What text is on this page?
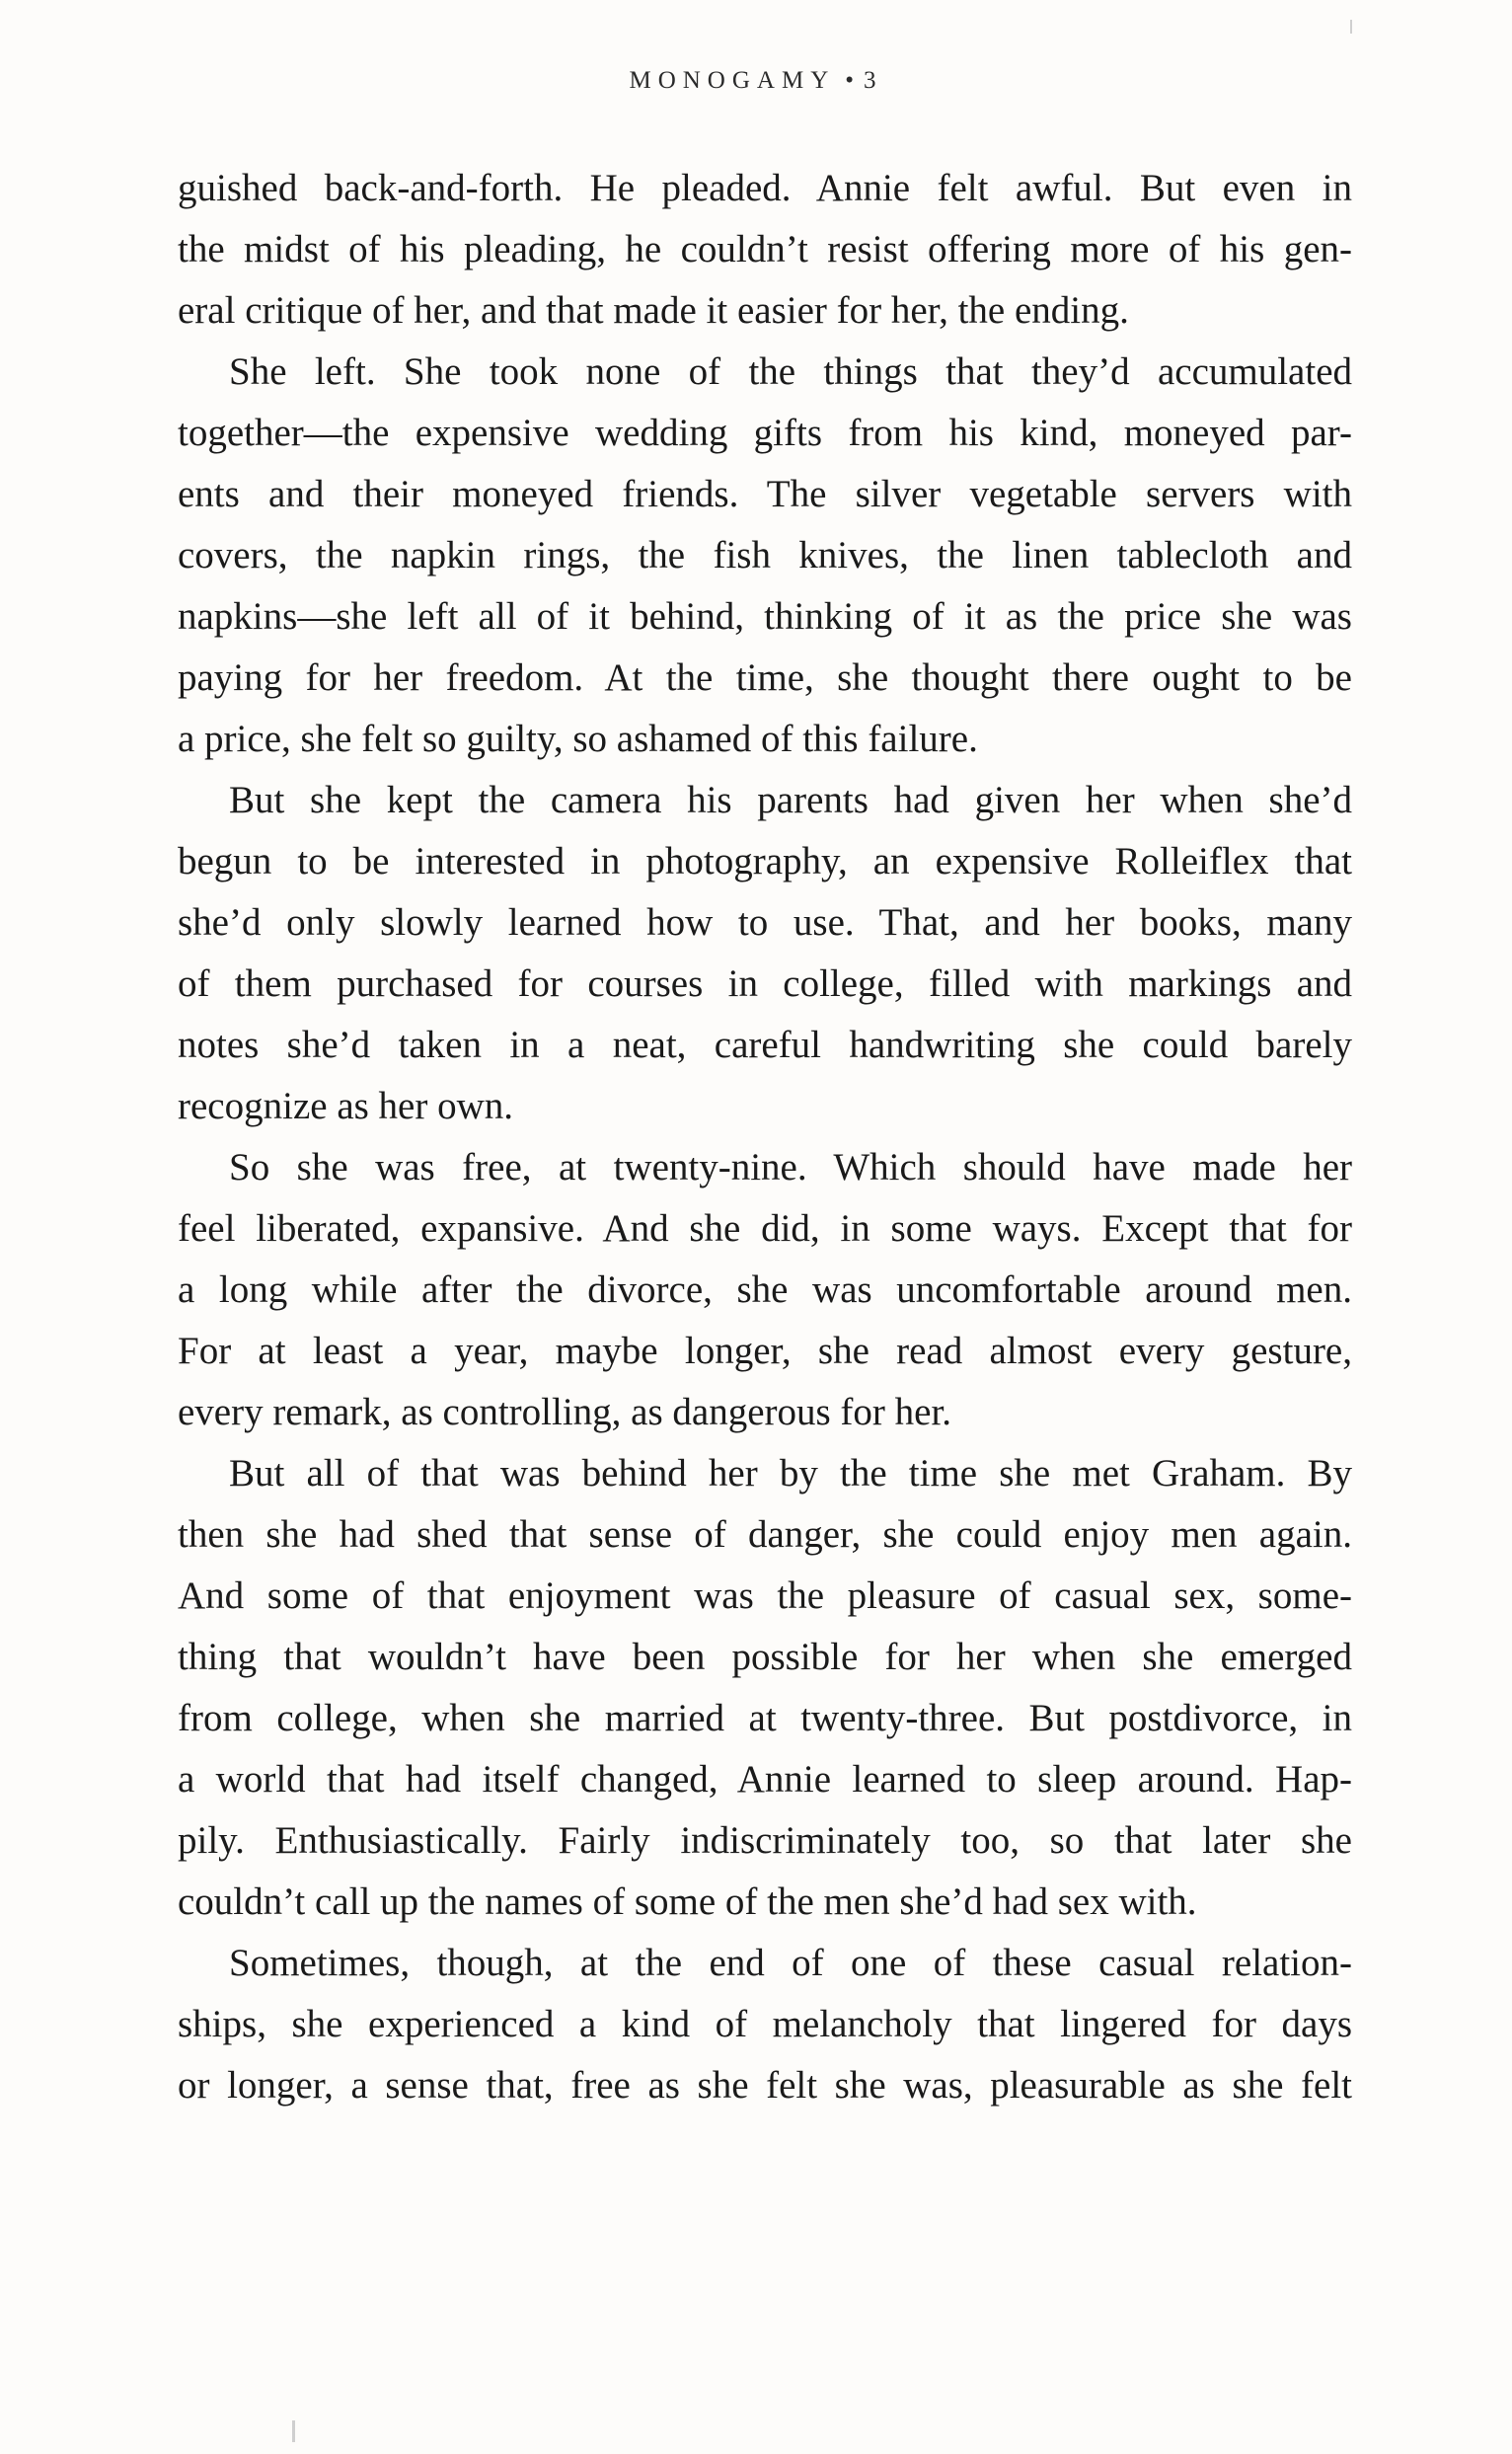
MONOGAMY • 3
guished back-and-forth. He pleaded. Annie felt awful. But even in
the midst of his pleading, he couldn’t resist offering more of his gen-
eral critique of her, and that made it easier for her, the ending.
She left. She took none of the things that they’d accumulated
together—the expensive wedding gifts from his kind, moneyed par-
ents and their moneyed friends. The silver vegetable servers with
covers, the napkin rings, the fish knives, the linen tablecloth and
napkins—she left all of it behind, thinking of it as the price she was
paying for her freedom. At the time, she thought there ought to be
a price, she felt so guilty, so ashamed of this failure.
But she kept the camera his parents had given her when she’d
begun to be interested in photography, an expensive Rolleiflex that
she’d only slowly learned how to use. That, and her books, many
of them purchased for courses in college, filled with markings and
notes she’d taken in a neat, careful handwriting she could barely
recognize as her own.
So she was free, at twenty-nine. Which should have made her
feel liberated, expansive. And she did, in some ways. Except that for
a long while after the divorce, she was uncomfortable around men.
For at least a year, maybe longer, she read almost every gesture,
every remark, as controlling, as dangerous for her.
But all of that was behind her by the time she met Graham. By
then she had shed that sense of danger, she could enjoy men again.
And some of that enjoyment was the pleasure of casual sex, some-
thing that wouldn’t have been possible for her when she emerged
from college, when she married at twenty-three. But postdivorce, in
a world that had itself changed, Annie learned to sleep around. Hap-
pily. Enthusiastically. Fairly indiscriminately too, so that later she
couldn’t call up the names of some of the men she’d had sex with.
Sometimes, though, at the end of one of these casual relation-
ships, she experienced a kind of melancholy that lingered for days
or longer, a sense that, free as she felt she was, pleasurable as she felt
